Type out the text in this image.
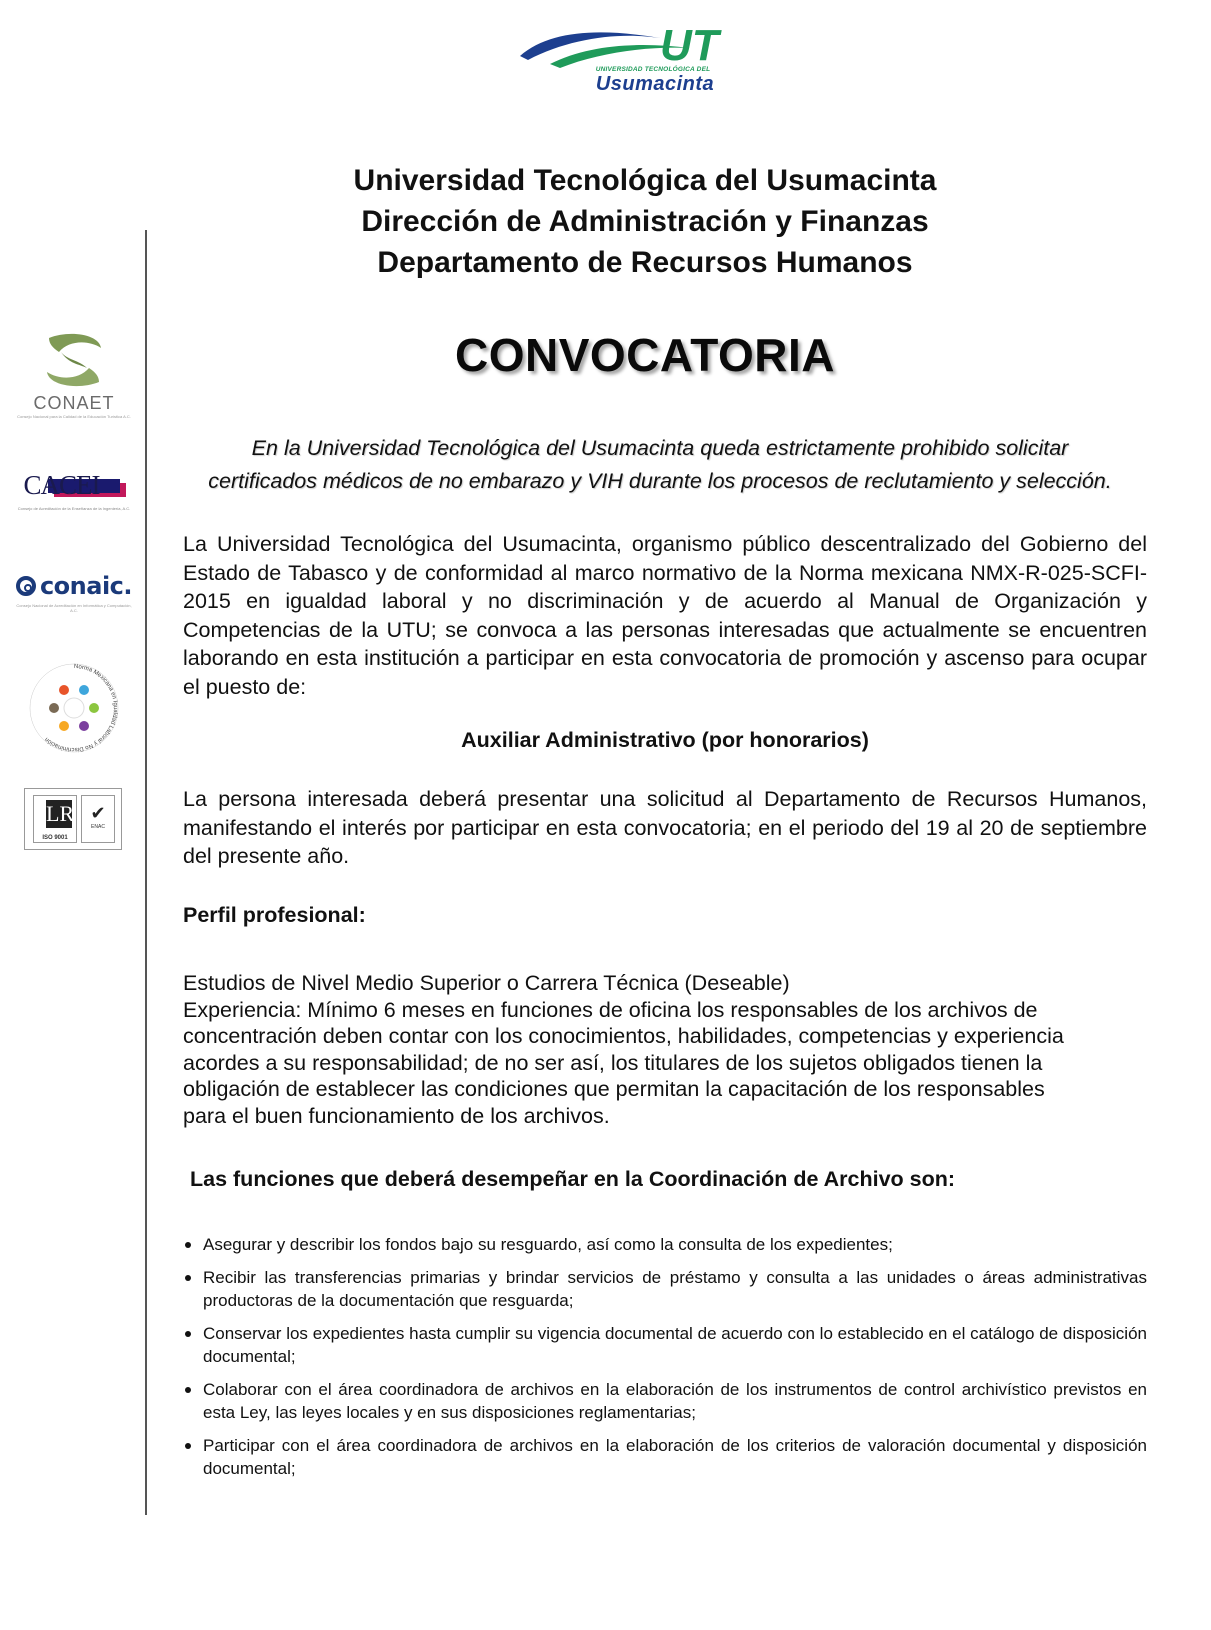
UT
UNIVERSIDAD TECNOLÓGICA DEL
Usumacinta
CONAET
Consejo Nacional para la Calidad de la Educación Turística A.C.
CACEI
Consejo de Acreditación de la Enseñanza de la Ingeniería, A.C.
conaic.
Consejo Nacional de Acreditación en Informática y Computación, A.C.
Norma Mexicana en Igualdad Laboral y No Discriminación
LR
ISO 9001
✔
ENAC
Universidad Tecnológica del Usumacinta
Dirección de Administración y Finanzas
Departamento de Recursos Humanos
CONVOCATORIA
En la Universidad Tecnológica del Usumacinta queda estrictamente prohibido solicitar
certificados médicos de no embarazo y VIH durante los procesos de reclutamiento y selección.
La Universidad Tecnológica del Usumacinta, organismo público descentralizado del Gobierno del Estado de Tabasco y de conformidad al marco normativo de la Norma mexicana NMX-R-025-SCFI-2015 en igualdad laboral y no discriminación y de acuerdo al Manual de Organización y Competencias de la UTU; se convoca a las personas interesadas que actualmente se encuentren laborando en esta institución a participar en esta convocatoria de promoción y ascenso para ocupar el puesto de:
Auxiliar Administrativo (por honorarios)
La persona interesada deberá presentar una solicitud al Departamento de Recursos Humanos, manifestando el interés por participar en esta convocatoria; en el periodo del 19 al 20 de septiembre del presente año.
Perfil profesional:
Estudios de Nivel Medio Superior o Carrera Técnica (Deseable)
Experiencia: Mínimo 6 meses en funciones de oficina los responsables de los archivos de
concentración deben contar con los conocimientos, habilidades, competencias y experiencia
acordes a su responsabilidad; de no ser así, los titulares de los sujetos obligados tienen la
obligación de establecer las condiciones que permitan la capacitación de los responsables
para el buen funcionamiento de los archivos.
Las funciones que deberá desempeñar en la Coordinación de Archivo son:
Asegurar y describir los fondos bajo su resguardo, así como la consulta de los expedientes;
Recibir las transferencias primarias y brindar servicios de préstamo y consulta a las unidades o áreas administrativas productoras de la documentación que resguarda;
Conservar los expedientes hasta cumplir su vigencia documental de acuerdo con lo establecido en el catálogo de disposición documental;
Colaborar con el área coordinadora de archivos en la elaboración de los instrumentos de control archivístico previstos en esta Ley, las leyes locales y en sus disposiciones reglamentarias;
Participar con el área coordinadora de archivos en la elaboración de los criterios de valoración documental y disposición documental;
